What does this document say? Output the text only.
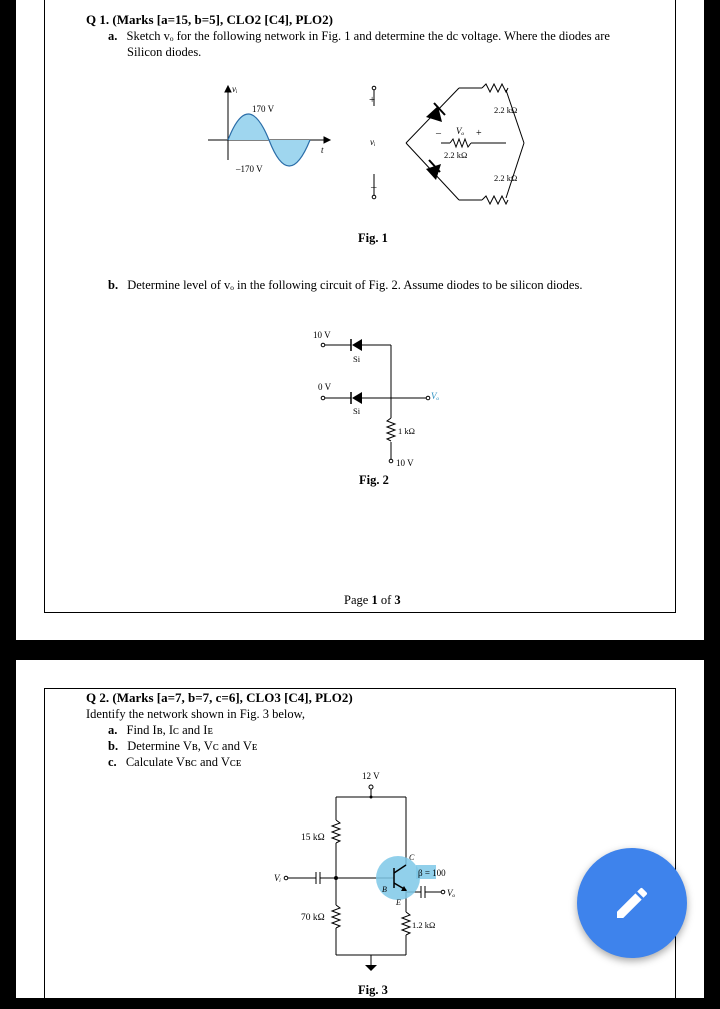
Q 1. (Marks [a=15, b=5], CLO2 [C4], PLO2)
a. Sketch vₒ for the following network in Fig. 1 and determine the dc voltage. Where the diodes are
Silicon diodes.
vᵢ
t
170 V
–170 V
+
vᵢ
–
2.2 kΩ
2.2 kΩ
2.2 kΩ
– Vₒ +
Fig. 1
b. Determine level of vₒ in the following circuit of Fig. 2. Assume diodes to be silicon diodes.
10 V
Si
0 V
Si
Vₒ
1 kΩ
10 V
Fig. 2
Page 1 of 3
Q 2. (Marks [a=7, b=7, c=6], CLO3 [C4], PLO2)
Identify the network shown in Fig. 3 below,
a. Find Iʙ, Iᴄ and Iᴇ
b. Determine Vʙ, Vᴄ and Vᴇ
c. Calculate Vʙᴄ and Vᴄᴇ
12 V
15 kΩ
70 kΩ
1.2 kΩ
β = 100
Vᵢ
Vₒ
C
B
E
Fig. 3
